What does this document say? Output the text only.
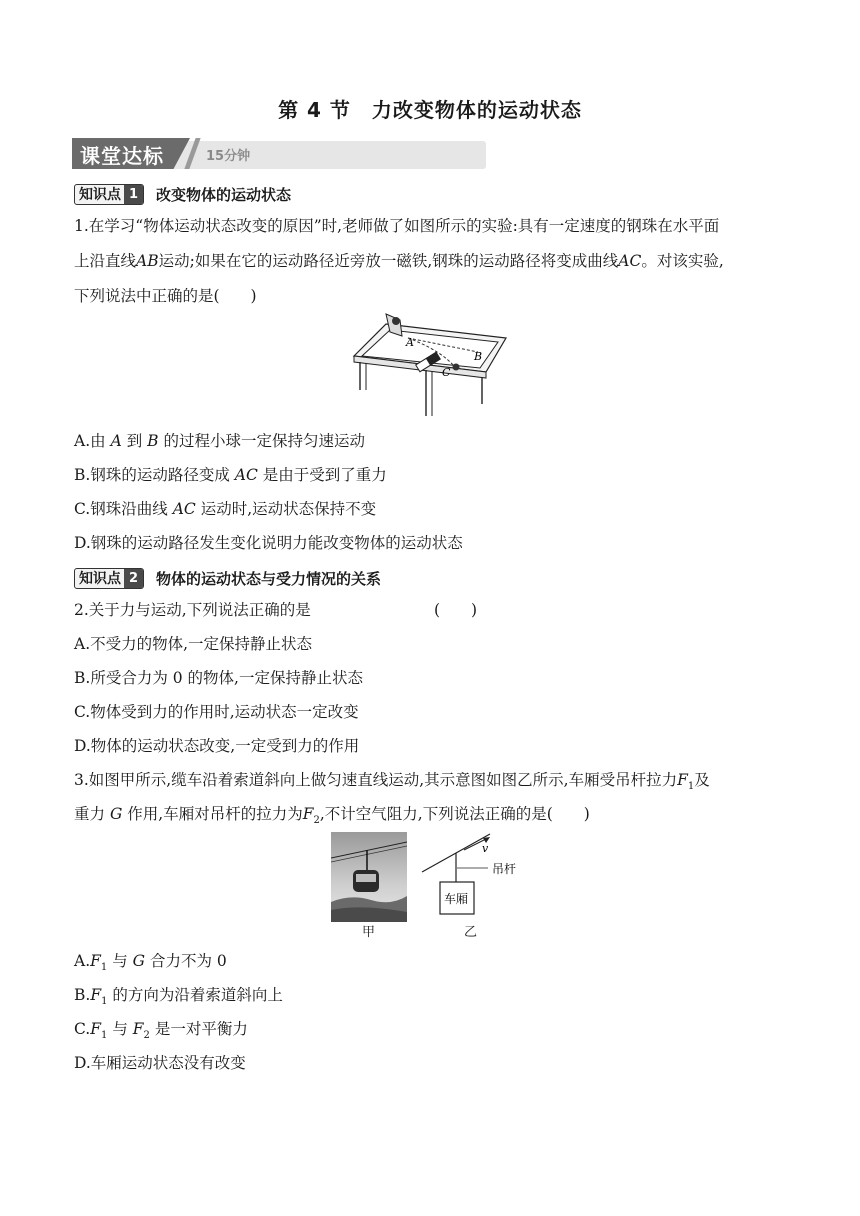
第 4 节　力改变物体的运动状态
课堂达标	15分钟
知识点 1	改变物体的运动状态
1.在学习“物体运动状态改变的原因”时,老师做了如图所示的实验:具有一定速度的钢珠在水平面
上沿直线AB运动;如果在它的运动路径近旁放一磁铁,钢珠的运动路径将变成曲线AC。对该实验,
下列说法中正确的是(　　)
A
B
C
A.由 A 到 B 的过程小球一定保持匀速运动
B.钢珠的运动路径变成 AC 是由于受到了重力
C.钢珠沿曲线 AC 运动时,运动状态保持不变
D.钢珠的运动路径发生变化说明力能改变物体的运动状态
知识点 2	物体的运动状态与受力情况的关系
2.关于力与运动,下列说法正确的是	(　　)
A.不受力的物体,一定保持静止状态
B.所受合力为 0 的物体,一定保持静止状态
C.物体受到力的作用时,运动状态一定改变
D.物体的运动状态改变,一定受到力的作用
3.如图甲所示,缆车沿着索道斜向上做匀速直线运动,其示意图如图乙所示,车厢受吊杆拉力$F_1$及
重力 G 作用,车厢对吊杆的拉力为$F_2$,不计空气阻力,下列说法正确的是(　　)
甲
v
吊杆
车厢
乙
$A.F_1$ 与 G 合力不为 0
$B.F_1$ 的方向为沿着索道斜向上
$C.F_1$ 与 $F_2$ 是一对平衡力
D.车厢运动状态没有改变
